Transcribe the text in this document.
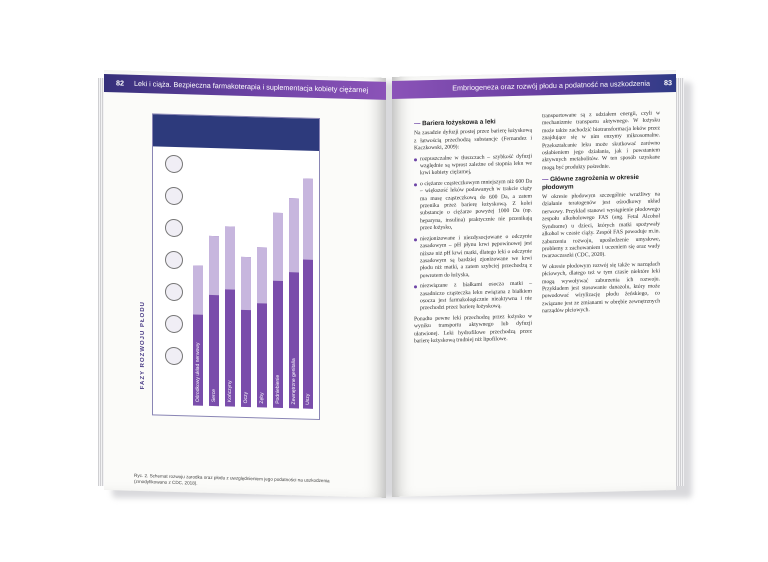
82 Leki i ciąża. Bezpieczna farmakoterapia i suplementacja kobiety ciężarnej
FAZY ROZWOJU PŁODU	Ośrodkowy układ nerwowy Serce Kończyny Oczy Zęby Podniebienie Zewnętrzne genitalia Uszy
Ryc. 2. Schemat rozwoju zarodka oraz płodu z uwzględnieniem jego podatności na uszkodzenia (zmodyfikowano z CDC, 2018).
Embriogeneza oraz rozwój płodu a podatność na uszkodzenia 83
— Bariera łożyskowa a leki

Na zasadzie dyfuzji prostej przez barierę łożyskową z łatwością przechodzą substancje (Fernandez i Kaczkowski, 2009):

rozpuszczalne w tłuszczach – szybkość dyfuzji względnie są wprost zależne od stopnia leku we krwi kobiety ciężarnej,
o ciężarze cząsteczkowym mniejszym niż 600 Da – większość leków podawanych w trakcie ciąży ma masę cząsteczkową do 600 Da, a zatem przenika przez barierę łożyskową. Z kolei substancje o ciężarze powyżej 1000 Da (np. heparyna, insulina) praktycznie nie przenikają przez łożysko,
niezjonizowane i niezdysocjowane o odczynie zasadowym – pH płynu krwi pępowinowej jest niższe niż pH krwi matki, dlatego leki o odczynie zasadowym są bardziej zjonizowane we krwi płodu niż matki, a zatem szybciej przechodzą z powrotem do łożyska,
niezwiązane z białkami osocza matki – zasadniczo cząsteczka leku związana z białkiem osocza jest farmakologicznie nieaktywna i nie przechodzi przez barierę łożyskową.

Ponadto pewne leki przechodzą przez łożysko w wyniku transportu aktywnego lub dyfuzji ułatwionej. Leki hydrofilowe przechodzą przez barierę łożyskową trudniej niż lipofilowe.

transportowane są z udziałem energii, czyli w mechanizmie transportu aktywnego. W łożysku może także zachodzić biotransformacja leków przez znajdujące się w nim enzymy mikrosomalne. Przekształcanie leku może skutkować zarówno osłabieniem jego działania, jak i powstaniem aktywnych metabolitów. W ten sposób uzyskane mogą być produkty pośrednie.

— Główne zagrożenia w okresie płodowym

W okresie płodowym szczególnie wrażliwy na działanie teratogenów jest ośrodkowy układ nerwowy. Przykład stanowi wystąpienie płodowego zespołu alkoholowego FAS (ang. Fetal Alcohol Syndrome) u dzieci, których matki spożywały alkohol w czasie ciąży. Zespół FAS powoduje m.in. zaburzenia rozwoju, upośledzenie umysłowe, problemy z zachowaniem i uczeniem się oraz wady twarzoczaszki (CDC, 2020).

W okresie płodowym rozwój się także w narządach płciowych, dlatego też w tym czasie niektóre leki mogą wywoływać zaburzenia ich rozwoju. Przykładem jest stosowanie danazolu, który może powodować wirylizację płodu żeńskiego, co związane jest ze zmianami w obrębie zewnętrznych narządów płciowych.
